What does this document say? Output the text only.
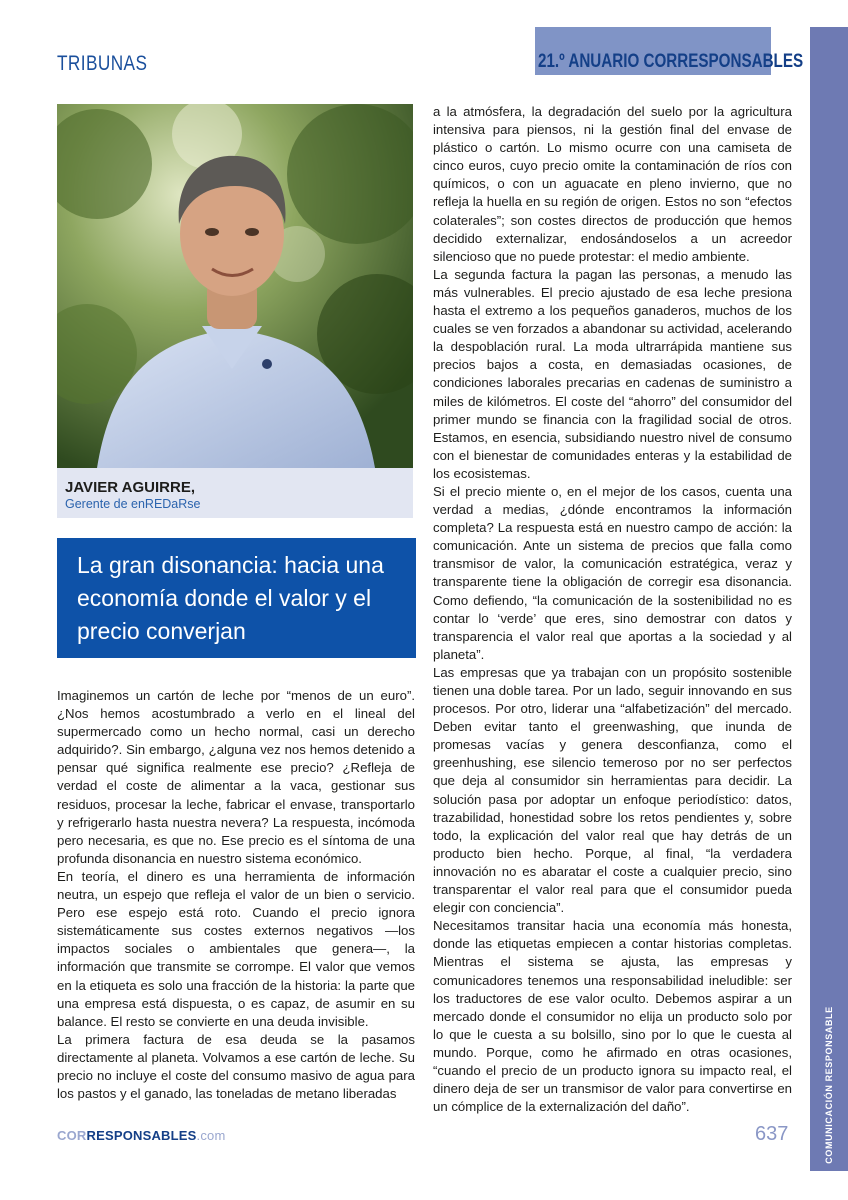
TRIBUNAS	21.º ANUARIO CORRESPONSABLES
COMUNICACIÓN RESPONSABLE
JAVIER AGUIRRE,
Gerente de enREDaRse
La gran disonancia: hacia una economía donde el valor y el precio converjan

Imaginemos un cartón de leche por “menos de un euro”. ¿Nos hemos acostumbrado a verlo en el lineal del supermercado como un hecho normal, casi un derecho adquirido?. Sin embargo, ¿alguna vez nos hemos detenido a pensar qué significa realmente ese precio? ¿Refleja de verdad el coste de alimentar a la vaca, gestionar sus residuos, procesar la leche, fabricar el envase, transportarlo y refrigerarlo hasta nuestra nevera? La respuesta, incómoda pero necesaria, es que no. Ese precio es el síntoma de una profunda disonancia en nuestro sistema económico.

En teoría, el dinero es una herramienta de información neutra, un espejo que refleja el valor de un bien o servicio. Pero ese espejo está roto. Cuando el precio ignora sistemáticamente sus costes externos negativos —los impactos sociales o ambientales que genera—, la información que transmite se corrompe. El valor que vemos en la etiqueta es solo una fracción de la historia: la parte que una empresa está dispuesta, o es capaz, de asumir en su balance. El resto se convierte en una deuda invisible.

La primera factura de esa deuda se la pasamos directamente al planeta. Volvamos a ese cartón de leche. Su precio no incluye el coste del consumo masivo de agua para los pastos y el ganado, las toneladas de metano liberadas

a la atmósfera, la degradación del suelo por la agricultura intensiva para piensos, ni la gestión final del envase de plástico o cartón. Lo mismo ocurre con una camiseta de cinco euros, cuyo precio omite la contaminación de ríos con químicos, o con un aguacate en pleno invierno, que no refleja la huella en su región de origen. Estos no son “efectos colaterales”; son costes directos de producción que hemos decidido externalizar, endosándoselos a un acreedor silencioso que no puede protestar: el medio ambiente.

La segunda factura la pagan las personas, a menudo las más vulnerables. El precio ajustado de esa leche presiona hasta el extremo a los pequeños ganaderos, muchos de los cuales se ven forzados a abandonar su actividad, acelerando la despoblación rural. La moda ultrarrápida mantiene sus precios bajos a costa, en demasiadas ocasiones, de condiciones laborales precarias en cadenas de suministro a miles de kilómetros. El coste del “ahorro” del consumidor del primer mundo se financia con la fragilidad social de otros. Estamos, en esencia, subsidiando nuestro nivel de consumo con el bienestar de comunidades enteras y la estabilidad de los ecosistemas.

Si el precio miente o, en el mejor de los casos, cuenta una verdad a medias, ¿dónde encontramos la información completa? La respuesta está en nuestro campo de acción: la comunicación. Ante un sistema de precios que falla como transmisor de valor, la comunicación estratégica, veraz y transparente tiene la obligación de corregir esa disonancia. Como defiendo, “la comunicación de la sostenibilidad no es contar lo ‘verde’ que eres, sino demostrar con datos y transparencia el valor real que aportas a la sociedad y al planeta”.

Las empresas que ya trabajan con un propósito sostenible tienen una doble tarea. Por un lado, seguir innovando en sus procesos. Por otro, liderar una “alfabetización” del mercado. Deben evitar tanto el greenwashing, que inunda de promesas vacías y genera desconfianza, como el greenhushing, ese silencio temeroso por no ser perfectos que deja al consumidor sin herramientas para decidir. La solución pasa por adoptar un enfoque periodístico: datos, trazabilidad, honestidad sobre los retos pendientes y, sobre todo, la explicación del valor real que hay detrás de un producto bien hecho. Porque, al final, “la verdadera innovación no es abaratar el coste a cualquier precio, sino transparentar el valor real para que el consumidor pueda elegir con conciencia”.

Necesitamos transitar hacia una economía más honesta, donde las etiquetas empiecen a contar historias completas. Mientras el sistema se ajusta, las empresas y comunicadores tenemos una responsabilidad ineludible: ser los traductores de ese valor oculto. Debemos aspirar a un mercado donde el consumidor no elija un producto solo por lo que le cuesta a su bolsillo, sino por lo que le cuesta al mundo. Porque, como he afirmado en otras ocasiones, “cuando el precio de un producto ignora su impacto real, el dinero deja de ser un transmisor de valor para convertirse en un cómplice de la externalización del daño”.

CORRESPONSABLES.com	637
